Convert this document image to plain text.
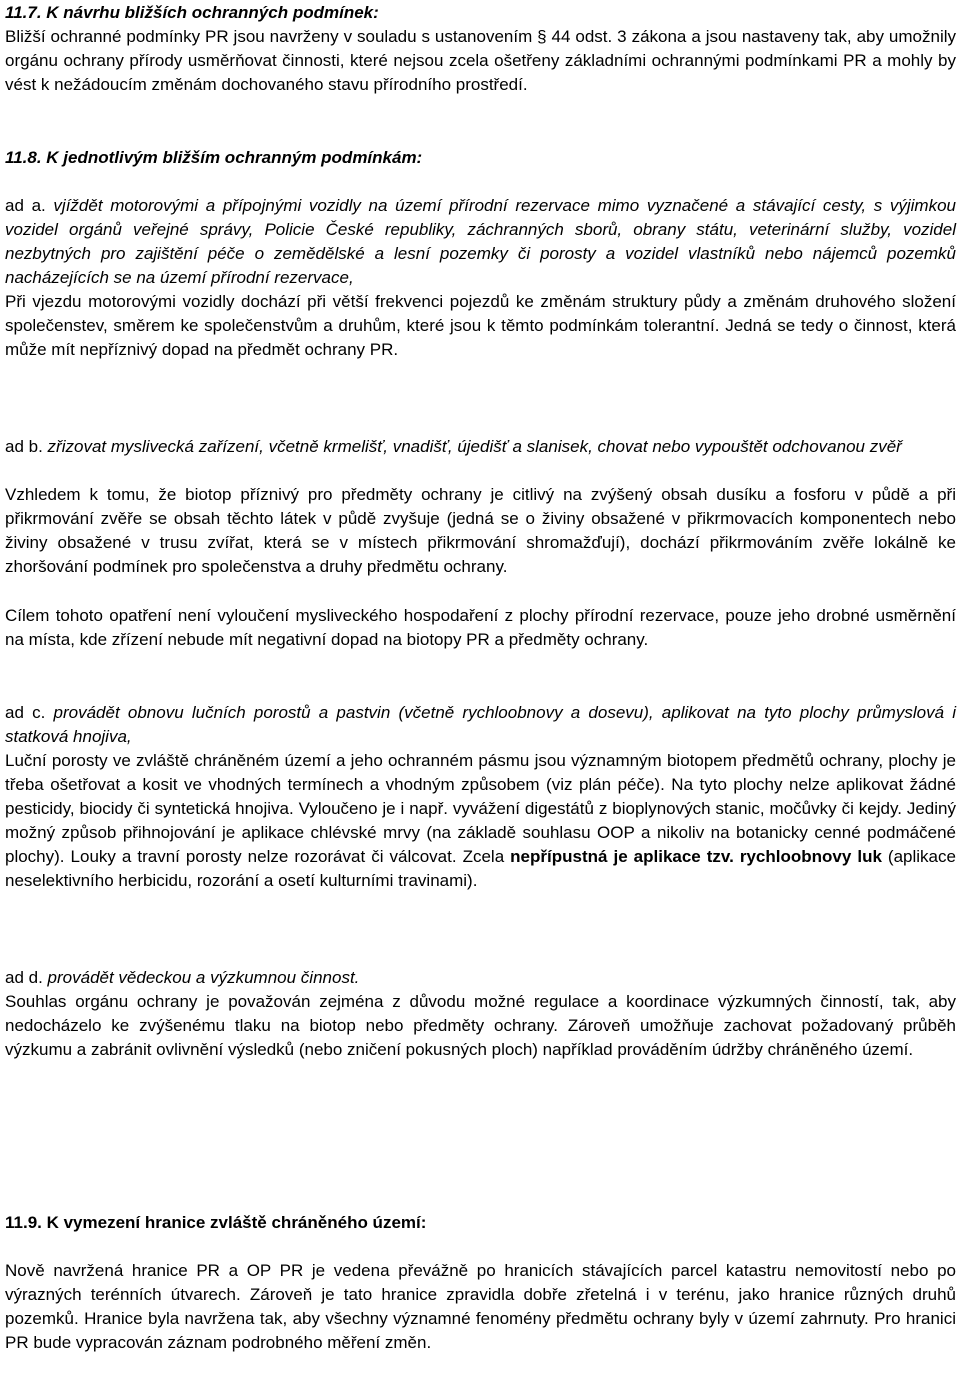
11.7. K návrhu bližších ochranných podmínek:

Bližší ochranné podmínky PR jsou navrženy v souladu s ustanovením § 44 odst. 3 zákona a jsou nastaveny tak, aby umožnily orgánu ochrany přírody usměrňovat činnosti, které nejsou zcela ošetřeny základními ochrannými podmínkami PR a mohly by vést k nežádoucím změnám dochovaného stavu přírodního prostředí.

11.8. K jednotlivým bližším ochranným podmínkám:

ad a. vjíždět motorovými a přípojnými vozidly na území přírodní rezervace mimo vyznačené a stávající cesty, s výjimkou vozidel orgánů veřejné správy, Policie České republiky, záchranných sborů, obrany státu, veterinární služby, vozidel nezbytných pro zajištění péče o zemědělské a lesní pozemky či porosty a vozidel vlastníků nebo nájemců pozemků nacházejících se na území přírodní rezervace,

Při vjezdu motorovými vozidly dochází při větší frekvenci pojezdů ke změnám struktury půdy a změnám druhového složení společenstev, směrem ke společenstvům a druhům, které jsou k těmto podmínkám tolerantní. Jedná se tedy o činnost, která může mít nepříznivý dopad na předmět ochrany PR.

ad b. zřizovat myslivecká zařízení, včetně krmelišť, vnadišť, újedišť a slanisek, chovat nebo vypouštět odchovanou zvěř

Vzhledem k tomu, že biotop příznivý pro předměty ochrany je citlivý na zvýšený obsah dusíku a fosforu v půdě a při přikrmování zvěře se obsah těchto látek v půdě zvyšuje (jedná se o živiny obsažené v přikrmovacích komponentech nebo živiny obsažené v trusu zvířat, která se v místech přikrmování shromažďují), dochází přikrmováním zvěře lokálně ke zhoršování podmínek pro společenstva a druhy předmětu ochrany.

Cílem tohoto opatření není vyloučení mysliveckého hospodaření z plochy přírodní rezervace, pouze jeho drobné usměrnění na místa, kde zřízení nebude mít negativní dopad na biotopy PR a předměty ochrany.

ad c. provádět obnovu lučních porostů a pastvin (včetně rychloobnovy a dosevu), aplikovat na tyto plochy průmyslová i statková hnojiva,

Luční porosty ve zvláště chráněném území a jeho ochranném pásmu jsou významným biotopem předmětů ochrany, plochy je třeba ošetřovat a kosit ve vhodných termínech a vhodným způsobem (viz plán péče). Na tyto plochy nelze aplikovat žádné pesticidy, biocidy či syntetická hnojiva. Vyloučeno je i např. vyvážení digestátů z bioplynových stanic, močůvky či kejdy. Jediný možný způsob přihnojování je aplikace chlévské mrvy (na základě souhlasu OOP a nikoliv na botanicky cenné podmáčené plochy). Louky a travní porosty nelze rozorávat či válcovat. Zcela nepřípustná je aplikace tzv. rychloobnovy luk (aplikace neselektivního herbicidu, rozorání a osetí kulturními travinami).

ad d. provádět vědeckou a výzkumnou činnost.

Souhlas orgánu ochrany je považován zejména z důvodu možné regulace a koordinace výzkumných činností, tak, aby nedocházelo ke zvýšenému tlaku na biotop nebo předměty ochrany. Zároveň umožňuje zachovat požadovaný průběh výzkumu a zabránit ovlivnění výsledků (nebo zničení pokusných ploch) například prováděním údržby chráněného území.

11.9. K vymezení hranice zvláště chráněného území:

Nově navržená hranice PR a OP PR je vedena převážně po hranicích stávajících parcel katastru nemovitostí nebo po výrazných terénních útvarech. Zároveň je tato hranice zpravidla dobře zřetelná i v terénu, jako hranice různých druhů pozemků. Hranice byla navržena tak, aby všechny významné fenomény předmětu ochrany byly v území zahrnuty. Pro hranici PR bude vypracován záznam podrobného měření změn.
